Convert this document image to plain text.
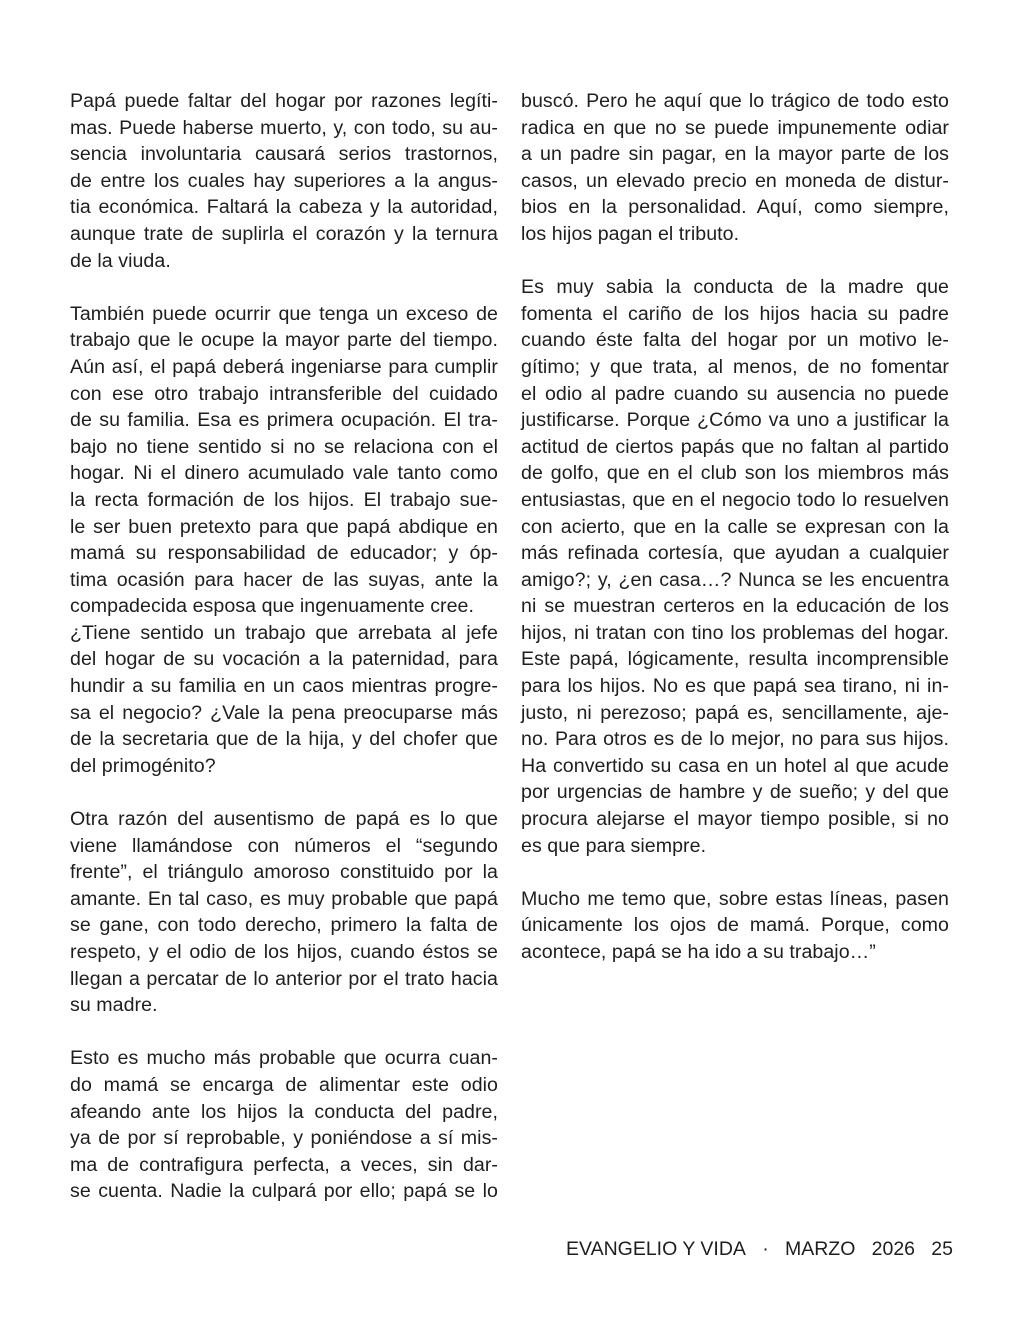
Papá puede faltar del hogar por razones legíti-
mas. Puede haberse muerto, y, con todo, su au-
sencia involuntaria causará serios trastornos,
de entre los cuales hay superiores a la angus-
tia económica. Faltará la cabeza y la autoridad,
aunque trate de suplirla el corazón y la ternura
de la viuda.
También puede ocurrir que tenga un exceso de
trabajo que le ocupe la mayor parte del tiempo.
Aún así, el papá deberá ingeniarse para cumplir
con ese otro trabajo intransferible del cuidado
de su familia. Esa es primera ocupación. El tra-
bajo no tiene sentido si no se relaciona con el
hogar. Ni el dinero acumulado vale tanto como
la recta formación de los hijos. El trabajo sue-
le ser buen pretexto para que papá abdique en
mamá su responsabilidad de educador; y óp-
tima ocasión para hacer de las suyas, ante la
compadecida esposa que ingenuamente cree.
¿Tiene sentido un trabajo que arrebata al jefe
del hogar de su vocación a la paternidad, para
hundir a su familia en un caos mientras progre-
sa el negocio? ¿Vale la pena preocuparse más
de la secretaria que de la hija, y del chofer que
del primogénito?
Otra razón del ausentismo de papá es lo que
viene llamándose con números el “segundo
frente”, el triángulo amoroso constituido por la
amante. En tal caso, es muy probable que papá
se gane, con todo derecho, primero la falta de
respeto, y el odio de los hijos, cuando éstos se
llegan a percatar de lo anterior por el trato hacia
su madre.
Esto es mucho más probable que ocurra cuan-
do mamá se encarga de alimentar este odio
afeando ante los hijos la conducta del padre,
ya de por sí reprobable, y poniéndose a sí mis-
ma de contrafigura perfecta, a veces, sin dar-
se cuenta. Nadie la culpará por ello; papá se lo
buscó. Pero he aquí que lo trágico de todo esto
radica en que no se puede impunemente odiar
a un padre sin pagar, en la mayor parte de los
casos, un elevado precio en moneda de distur-
bios en la personalidad. Aquí, como siempre,
los hijos pagan el tributo.
Es muy sabia la conducta de la madre que
fomenta el cariño de los hijos hacia su padre
cuando éste falta del hogar por un motivo le-
gítimo; y que trata, al menos, de no fomentar
el odio al padre cuando su ausencia no puede
justificarse. Porque ¿Cómo va uno a justificar la
actitud de ciertos papás que no faltan al partido
de golfo, que en el club son los miembros más
entusiastas, que en el negocio todo lo resuelven
con acierto, que en la calle se expresan con la
más refinada cortesía, que ayudan a cualquier
amigo?; y, ¿en casa…? Nunca se les encuentra
ni se muestran certeros en la educación de los
hijos, ni tratan con tino los problemas del hogar.
Este papá, lógicamente, resulta incomprensible
para los hijos. No es que papá sea tirano, ni in-
justo, ni perezoso; papá es, sencillamente, aje-
no. Para otros es de lo mejor, no para sus hijos.
Ha convertido su casa en un hotel al que acude
por urgencias de hambre y de sueño; y del que
procura alejarse el mayor tiempo posible, si no
es que para siempre.
Mucho me temo que, sobre estas líneas, pasen
únicamente los ojos de mamá. Porque, como
acontece, papá se ha ido a su trabajo…”
EVANGELIO Y VIDA · MARZO 2026 25
